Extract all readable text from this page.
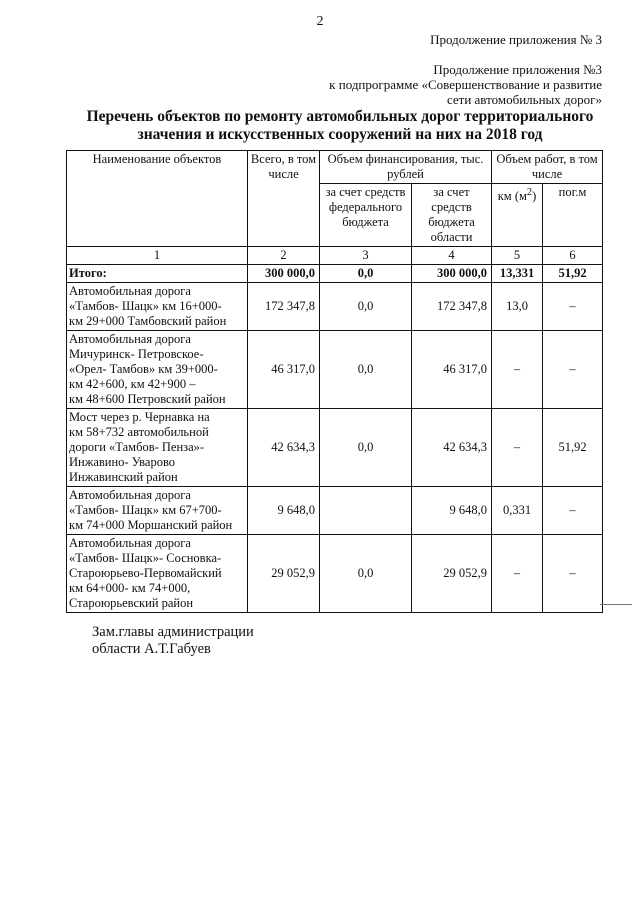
2
Продолжение приложения № 3
Продолжение приложения №3
к подпрограмме «Совершенствование и развитие
сети автомобильных дорог»
Перечень объектов по ремонту автомобильных дорог территориального
значения и искусственных сооружений на них на 2018 год
Наименование объектов	Всего, в том числе	Объем финансирования, тыс. рублей		Объем работ, в том числе	
		за счет средств федерального бюджета	за счет средств бюджета области	км $(м^2)$	пог.м
1	2	3	4	5	6
Итого:	300 000,0	0,0	300 000,0	13,331	51,92

Автомобильная дорога
«Тамбов- Шацк» км 16+000-
км 29+000 Тамбовский район	172 347,8	0,0	172 347,8	13,0	–

Автомобильная дорога
Мичуринск- Петровское-
«Орел- Тамбов» км 39+000-
км 42+600, км 42+900 –
км 48+600 Петровский район	46 317,0	0,0	46 317,0	–	–

Мост через р. Чернавка на
км 58+732 автомобильной
дороги «Тамбов- Пенза»-
Инжавино- Уварово
Инжавинский район	42 634,3	0,0	42 634,3	–	51,92

Автомобильная дорога
«Тамбов- Шацк» км 67+700-
км 74+000 Моршанский район	9 648,0		9 648,0	0,331	–

Автомобильная дорога
«Тамбов- Шацк»- Сосновка-
Староюрьево-Первомайский
км 64+000- км 74+000,
Староюрьевский район	29 052,9	0,0	29 052,9	–	–
Зам.главы администрации
области А.Т.Габуев
